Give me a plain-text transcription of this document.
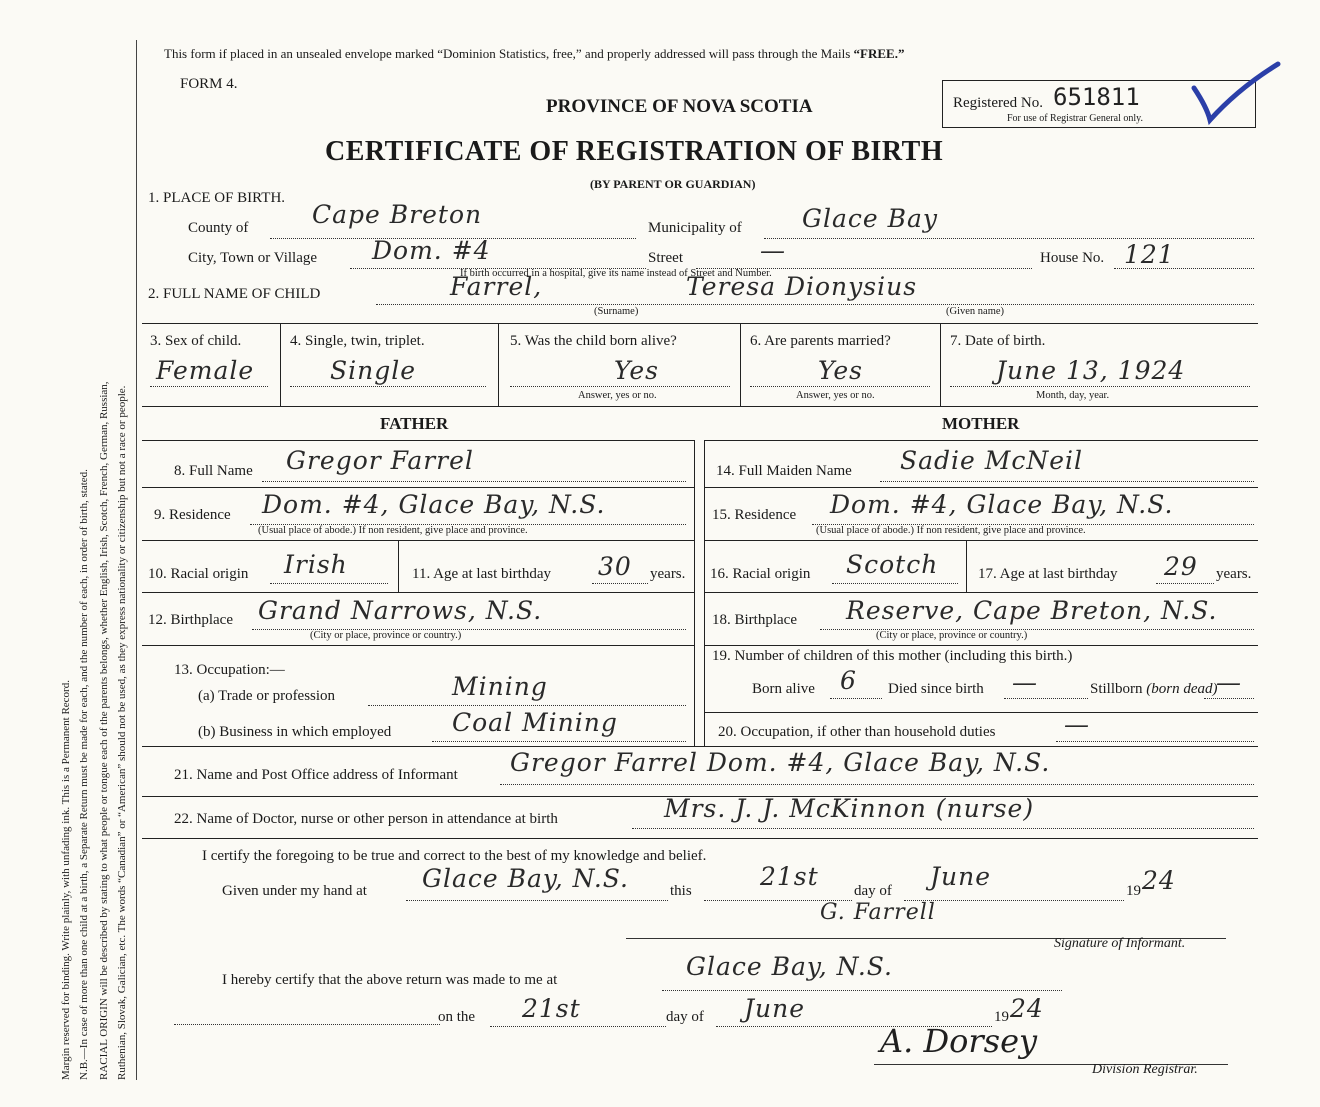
Margin reserved for binding. Write plainly, with unfading ink. This is a Permanent Record. N.B.—In case of more than one child at a birth, a Separate Return must be made for each, and the number of each, in order of birth, stated. RACIAL ORIGIN will be described by stating to what people or tongue each of the parents belongs, whether English, Irish, Scotch, French, German, Russian, Ruthenian, Slovak, Galician, etc. The words “Canadian” or “American” should not be used, as they express nationality or citizenship but not a race or people.
This form if placed in an unsealed envelope marked “Dominion Statistics, free,” and properly addressed will pass through the Mails “FREE.”
FORM 4.
PROVINCE OF NOVA SCOTIA
CERTIFICATE OF REGISTRATION OF BIRTH
(BY PARENT OR GUARDIAN)
Registered No. 651811
For use of Registrar General only.
1. PLACE OF BIRTH.
County of	Cape Breton	Municipality of Glace Bay
City, Town or Village Dom. #4	Street	—	House No. 121
If birth occurred in a hospital, give its name instead of Street and Number.
2. FULL NAME OF CHILD	Farrel,	Teresa Dionysius
(Surname)	(Given name)
3. Sex of child.
Female
4. Single, twin, triplet.
Single
5. Was the child born alive?
Yes
Answer, yes or no.
6. Are parents married?
Yes
Answer, yes or no.
7. Date of birth.
June 13, 1924
Month, day, year.
FATHER	MOTHER
8. Full Name Gregor Farrel	14. Full Maiden Name Sadie McNeil
9. Residence Dom. #4, Glace Bay, N.S.
(Usual place of abode.) If non resident, give place and province.
15. Residence Dom. #4, Glace Bay, N.S.
(Usual place of abode.) If non resident, give place and province.
10. Racial origin Irish	11. Age at last birthday 30 years. 16. Racial origin Scotch	17. Age at last birthday 29 years.
12. Birthplace Grand Narrows, N.S.
(City or place, province or country.)
18. Birthplace Reserve, Cape Breton, N.S.
(City or place, province or country.)
13. Occupation:—
(a) Trade or profession	Mining
(b) Business in which employed Coal Mining
19. Number of children of this mother (including this birth.)
Born alive 6 Died since birth —	Stillborn (born dead)
—
20. Occupation, if other than household duties	—
21. Name and Post Office address of Informant Gregor Farrel Dom. #4, Glace Bay, N.S.
22. Name of Doctor, nurse or other person in attendance at birth	Mrs. J. J. McKinnon (nurse)
I certify the foregoing to be true and correct to the best of my knowledge and belief.
Given under my hand at Glace Bay, N.S.	this	21st day of June	19 24
G. Farrell
Signature of Informant.
I hereby certify that the above return was made to me at	Glace Bay, N.S.
on the 21st	day of June	19 24
A. Dorsey
Division Registrar.
